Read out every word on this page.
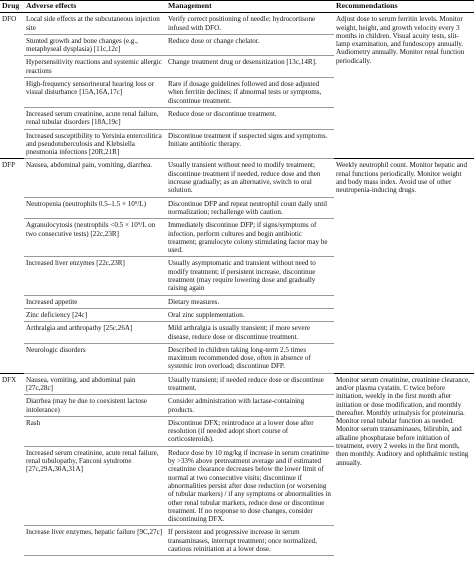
Drug	Adverse effects	Management	Recommendations
DFO	Local side effects at the subcutaneous injection site	Verify correct positioning of needle; hydrocortisone infused with DFO.	Adjust dose to serum ferritin levels. Monitor weight, height, and growth velocity every 3 months in children. Visual acuity tests, slit-lamp examination, and fundoscopy annually. Audiometry annually. Monitor renal function periodically.
	Stunted growth and bone changes (e.g., metaphyseal dysplasia) [11c,12c]	Reduce dose or change chelator.	
	Hypersensitivity reactions and systemic allergic reactions	Change treatment drug or desensitization [13c,14R].	
	High-frequency sensorineural hearing loss or visual disturbance [15A,16A,17c]	Rare if dosage guidelines followed and dose adjusted when ferritin declines; if abnormal tests or symptoms, discontinue treatment.	
	Increased serum creatinine, acute renal failure, renal tubular disorders [18A,19c]	Reduce dose or discontinue treatment.	
	Increased susceptibility to Yersinia entercolitica and pseudotuberculosis and Klebsiella pneumonia infections [20R,21R]	Discontinue treatment if suspected signs and symptoms. Initiate antibiotic therapy.	
DFP	Nausea, abdominal pain, vomiting, diarrhea.	Usually transient without need to modify treatment; discontinue treatment if needed, reduce dose and then increase gradually; as an alternative, switch to oral solution.	Weekly neutrophil count. Monitor hepatic and renal functions periodically. Monitor weight and body mass index. Avoid use of other neutropenia-inducing drugs.
	Neutropenia (neutrophils 0.5–1.5 × 10⁹/L)	Discontinue DFP and repeat neutrophil count daily until normalization; rechallenge with caution.	
	Agranulocytosis (neutrophils <0.5 × 10⁹/L on two consecutive tests) [22c,23R]	Immediately discontinue DFP; if signs/symptoms of infection, perform cultures and begin antibiotic treatment; granulocyte colony stimulating factor may be used.	
	Increased liver enzymes [22c,23R]	Usually asymptomatic and transient without need to modify treatment; if persistent increase, discontinue treatment (may require lowering dose and gradually raising again	
	Increased appetite	Dietary measures.	
	Zinc deficiency [24c]	Oral zinc supplementation.	
	Arthralgia and arthropathy [25c,26A]	Mild arthralgia is usually transient; if more severe disease, reduce dose or discontinue treatment.	
	Neurologic disorders	Described in children taking long-term 2.5 times maximum recommended dose, often in absence of systemic iron overload; discontinue DFP.	
DFX	Nausea, vomiting, and abdominal pain [27c,28c]	Usually transient; if needed reduce dose or discontinue treatment.	Monitor serum creatinine, creatinine clearance, and/or plasma cystatin. C twice before initiation, weekly in the first month after initiation or dose modification, and monthly thereafter. Monthly urinalysis for proteinuria. Monitor renal tubular function as needed. Monitor serum transaminases, bilirubin, and alkaline phosphatase before initiation of treatment, every 2 weeks in the first month, then monthly. Auditory and ophthalmic testing annually.
	Diarrhea (may be due to coexistent lactose intolerance)	Consider administration with lactase-containing products.	
	Rash	Discontinue DFX; reintroduce at a lower dose after resolution (if needed adopt short course of corticosteroids).	
	Increased serum creatinine, acute renal failure, renal tubulopathy, Fanconi syndrome [27c,29A,30A,31A]	Reduce dose by 10 mg/kg if increase in serum creatinine by >33% above pretreatment average and if estimated creatinine clearance decreases below the lower limit of normal at two consecutive visits; discontinue if abnormalities persist after dose reduction (or worsening of tubular markers) / if any symptoms or abnormalities in other renal tubular markers, reduce dose or discontinue treatment. If no response to dose changes, consider discontinuing DFX.	
	Increase liver enzymes, hepatic failure [9C,27c]	If persistent and progressive increase in serum transaminases, interrupt treatment; once normalized, cautious reinitiation at a lower dose.	
